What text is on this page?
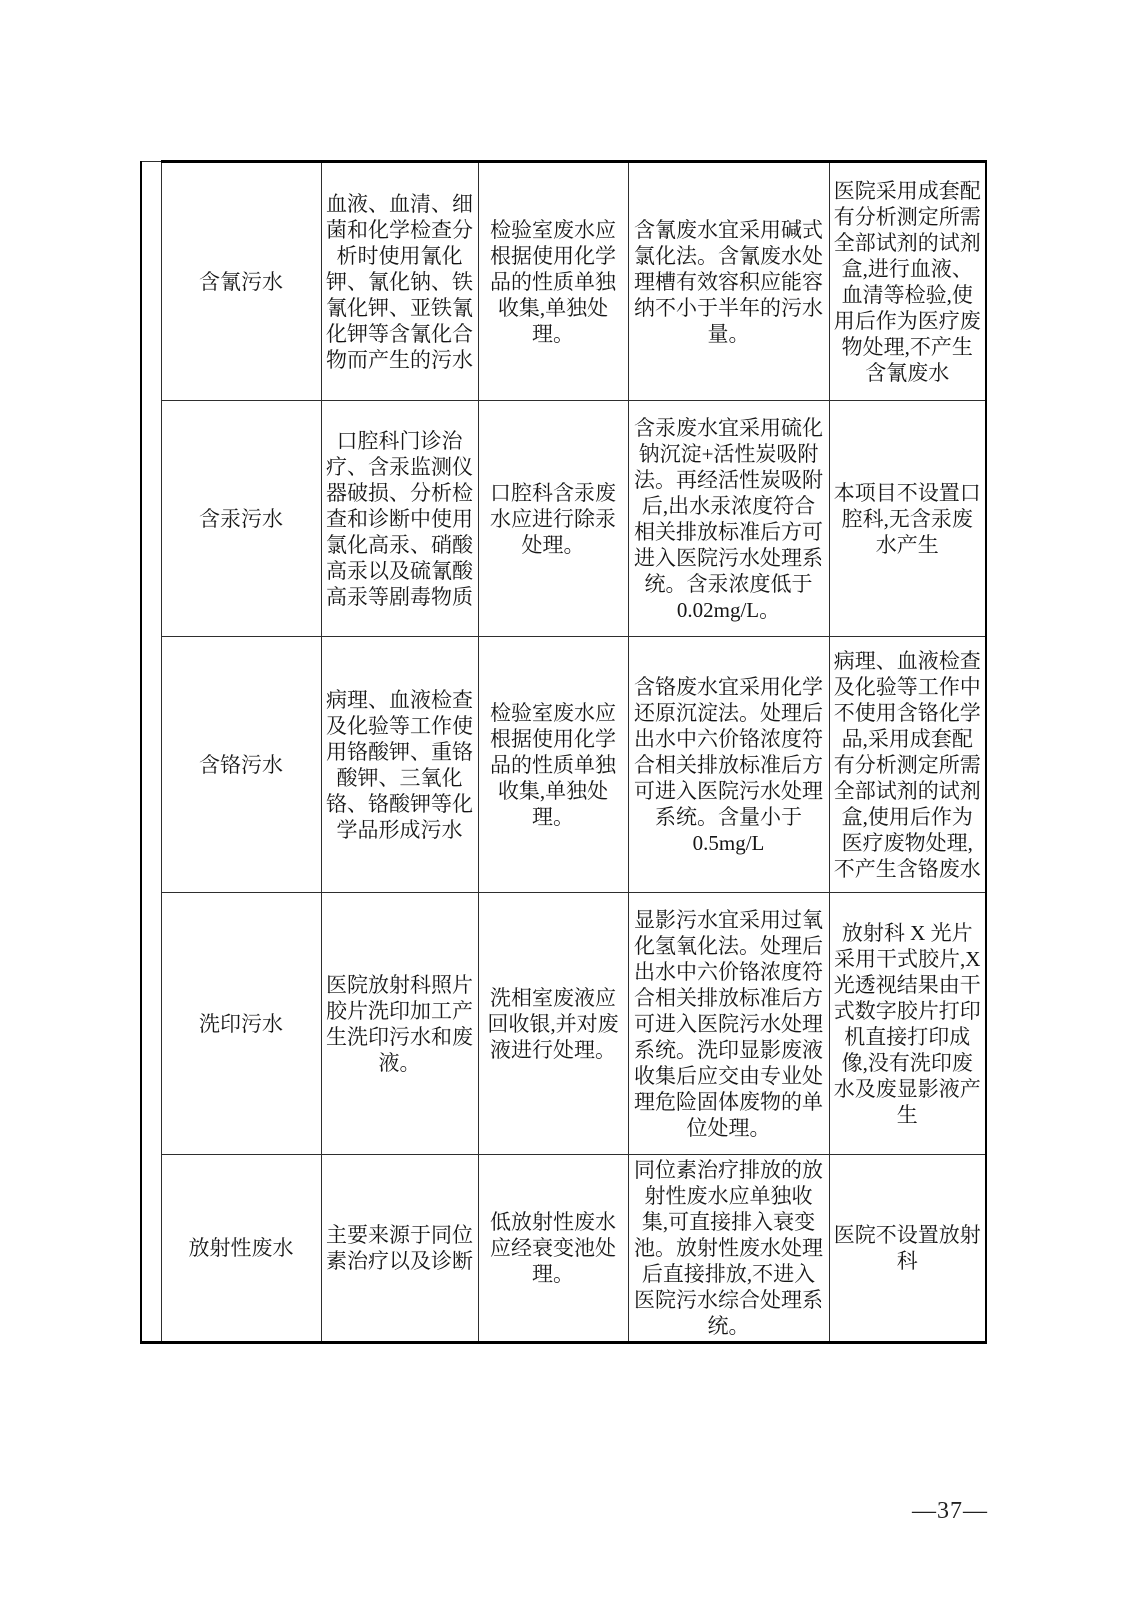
	含氰污水	血液、血清、细菌和化学检查分析时使用氰化钾、氰化钠、铁氰化钾、亚铁氰化钾等含氰化合物而产生的污水	检验室废水应根据使用化学品的性质单独收集,单独处理。	含氰废水宜采用碱式氯化法。含氰废水处理槽有效容积应能容纳不小于半年的污水量。	医院采用成套配有分析测定所需全部试剂的试剂盒,进行血液、血清等检验,使用后作为医疗废物处理,不产生含氰废水
	含汞污水	口腔科门诊治疗、含汞监测仪器破损、分析检查和诊断中使用氯化高汞、硝酸高汞以及硫氰酸高汞等剧毒物质	口腔科含汞废水应进行除汞处理。	含汞废水宜采用硫化钠沉淀+活性炭吸附法。再经活性炭吸附后,出水汞浓度符合相关排放标准后方可进入医院污水处理系统。含汞浓度低于 0.02mg/L。	本项目不设置口腔科,无含汞废水产生
	含铬污水	病理、血液检查及化验等工作使用铬酸钾、重铬酸钾、三氧化铬、铬酸钾等化学品形成污水	检验室废水应根据使用化学品的性质单独收集,单独处理。	含铬废水宜采用化学还原沉淀法。处理后出水中六价铬浓度符合相关排放标准后方可进入医院污水处理系统。含量小于 0.5mg/L	病理、血液检查及化验等工作中不使用含铬化学品,采用成套配有分析测定所需全部试剂的试剂盒,使用后作为医疗废物处理,不产生含铬废水
	洗印污水	医院放射科照片胶片洗印加工产生洗印污水和废液。	洗相室废液应回收银,并对废液进行处理。	显影污水宜采用过氧化氢氧化法。处理后出水中六价铬浓度符合相关排放标准后方可进入医院污水处理系统。洗印显影废液收集后应交由专业处理危险固体废物的单位处理。	放射科 X 光片采用干式胶片,X 光透视结果由干式数字胶片打印机直接打印成像,没有洗印废水及废显影液产生
	放射性废水	主要来源于同位素治疗以及诊断	低放射性废水应经衰变池处理。	同位素治疗排放的放射性废水应单独收集,可直接排入衰变池。放射性废水处理后直接排放,不进入医院污水综合处理系统。	医院不设置放射科
—37—
